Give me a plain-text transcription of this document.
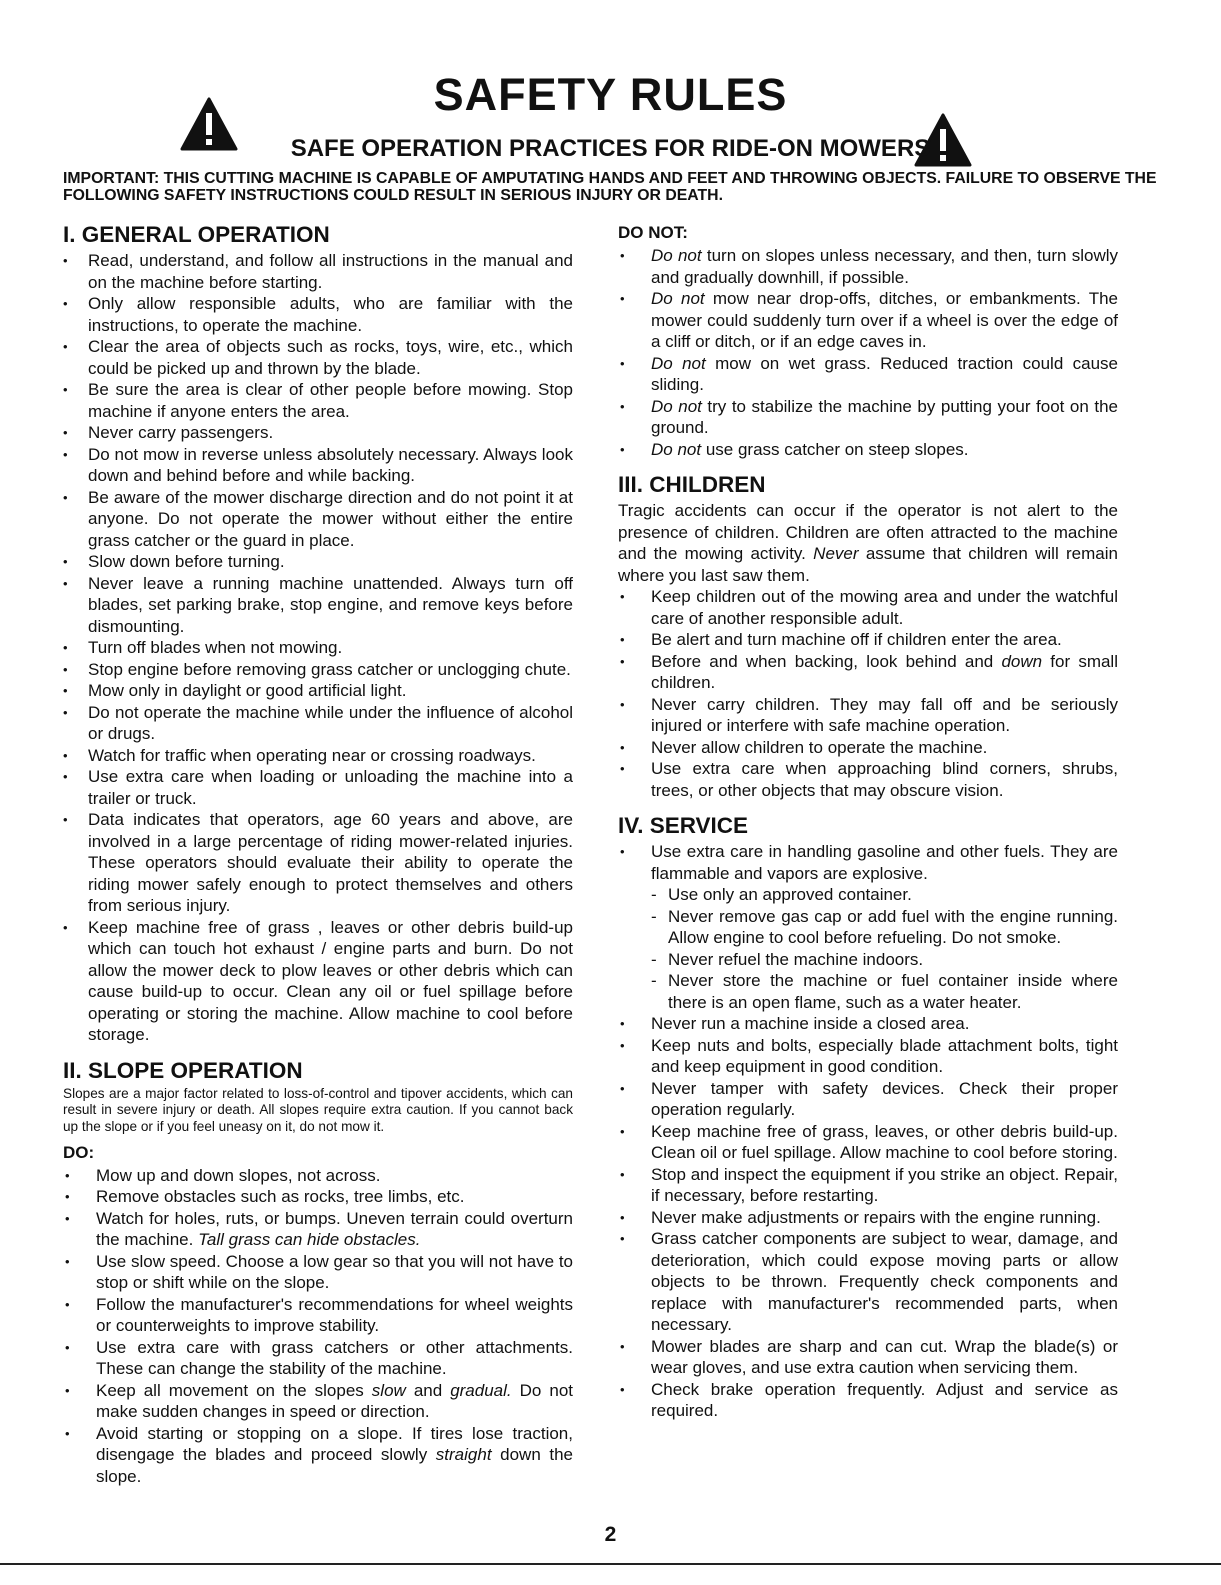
SAFETY RULES
SAFE OPERATION PRACTICES FOR RIDE-ON MOWERS
IMPORTANT: THIS CUTTING MACHINE IS CAPABLE OF AMPUTATING HANDS AND FEET AND THROWING OBJECTS. FAILURE TO OBSERVE THE FOLLOWING SAFETY INSTRUCTIONS COULD RESULT IN SERIOUS INJURY OR DEATH.
I. GENERAL OPERATION
• Read, understand, and follow all instructions in the manual and on the machine before starting.
• Only allow responsible adults, who are familiar with the instructions, to operate the machine.
• Clear the area of objects such as rocks, toys, wire, etc., which could be picked up and thrown by the blade.
• Be sure the area is clear of other people before mowing. Stop machine if anyone enters the area.
• Never carry passengers.
• Do not mow in reverse unless absolutely necessary. Always look down and behind before and while backing.
• Be aware of the mower discharge direction and do not point it at anyone. Do not operate the mower without either the entire grass catcher or the guard in place.
• Slow down before turning.
• Never leave a running machine unattended. Always turn off blades, set parking brake, stop engine, and remove keys before dismounting.
• Turn off blades when not mowing.
• Stop engine before removing grass catcher or unclogging chute.
• Mow only in daylight or good artificial light.
• Do not operate the machine while under the influence of alcohol or drugs.
• Watch for traffic when operating near or crossing roadways.
• Use extra care when loading or unloading the machine into a trailer or truck.
• Data indicates that operators, age 60 years and above, are involved in a large percentage of riding mower-related injuries. These operators should evaluate their ability to operate the riding mower safely enough to protect themselves and others from serious injury.
• Keep machine free of grass , leaves or other debris build-up which can touch hot exhaust / engine parts and burn. Do not allow the mower deck to plow leaves or other debris which can cause build-up to occur. Clean any oil or fuel spillage before operating or storing the machine. Allow machine to cool before storage.
II. SLOPE OPERATION

Slopes are a major factor related to loss-of-control and tipover accidents, which can result in severe injury or death. All slopes require extra caution. If you cannot back up the slope or if you feel uneasy on it, do not mow it.

DO:
• Mow up and down slopes, not across.
• Remove obstacles such as rocks, tree limbs, etc.
• Watch for holes, ruts, or bumps. Uneven terrain could overturn the machine. Tall grass can hide obstacles.
• Use slow speed. Choose a low gear so that you will not have to stop or shift while on the slope.
• Follow the manufacturer's recommendations for wheel weights or counterweights to improve stability.
• Use extra care with grass catchers or other attachments. These can change the stability of the machine.
• Keep all movement on the slopes slow and gradual. Do not make sudden changes in speed or direction.
• Avoid starting or stopping on a slope. If tires lose traction, disengage the blades and proceed slowly straight down the slope.
DO NOT:
• Do not turn on slopes unless necessary, and then, turn slowly and gradually downhill, if possible.
• Do not mow near drop-offs, ditches, or embankments. The mower could suddenly turn over if a wheel is over the edge of a cliff or ditch, or if an edge caves in.
• Do not mow on wet grass. Reduced traction could cause sliding.
• Do not try to stabilize the machine by putting your foot on the ground.
• Do not use grass catcher on steep slopes.
III. CHILDREN

Tragic accidents can occur if the operator is not alert to the presence of children. Children are often attracted to the machine and the mowing activity. Never assume that children will remain where you last saw them.

• Keep children out of the mowing area and under the watchful care of another responsible adult.
• Be alert and turn machine off if children enter the area.
• Before and when backing, look behind and down for small children.
• Never carry children. They may fall off and be seriously injured or interfere with safe machine operation.
• Never allow children to operate the machine.
• Use extra care when approaching blind corners, shrubs, trees, or other objects that may obscure vision.
IV. SERVICE
• Use extra care in handling gasoline and other fuels. They are flammable and vapors are explosive.
- Use only an approved container.
- Never remove gas cap or add fuel with the engine running. Allow engine to cool before refueling. Do not smoke.
- Never refuel the machine indoors.
- Never store the machine or fuel container inside where there is an open flame, such as a water heater.
• Never run a machine inside a closed area.
• Keep nuts and bolts, especially blade attachment bolts, tight and keep equipment in good condition.
• Never tamper with safety devices. Check their proper operation regularly.
• Keep machine free of grass, leaves, or other debris build-up. Clean oil or fuel spillage. Allow machine to cool before storing.
• Stop and inspect the equipment if you strike an object. Repair, if necessary, before restarting.
• Never make adjustments or repairs with the engine running.
• Grass catcher components are subject to wear, damage, and deterioration, which could expose moving parts or allow objects to be thrown. Frequently check components and replace with manufacturer's recommended parts, when necessary.
• Mower blades are sharp and can cut. Wrap the blade(s) or wear gloves, and use extra caution when servicing them.
• Check brake operation frequently. Adjust and service as required.
2
